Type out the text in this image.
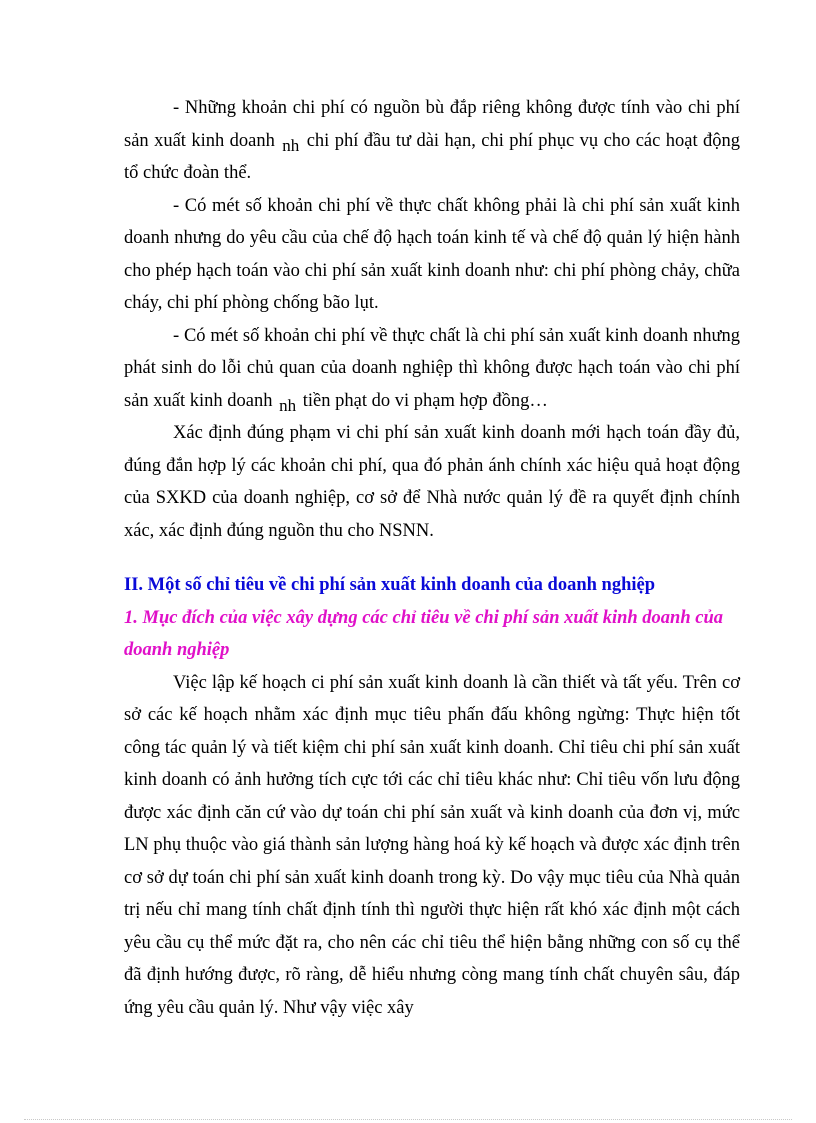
- Những khoản chi phí có nguồn bù đắp riêng không được tính vào chi phí sản xuất kinh doanh nh chi phí đầu tư dài hạn, chi phí phục vụ cho các hoạt động tổ chức đoàn thể.

- Có mét số khoản chi phí về thực chất không phải là chi phí sản xuất kinh doanh nhưng do yêu cầu của chế độ hạch toán kinh tế và chế độ quản lý hiện hành cho phép hạch toán vào chi phí sản xuất kinh doanh như: chi phí phòng chảy, chữa cháy, chi phí phòng chống bão lụt.

- Có mét số khoản chi phí về thực chất là chi phí sản xuất kinh doanh nhưng phát sinh do lỗi chủ quan của doanh nghiệp thì không được hạch toán vào chi phí sản xuất kinh doanh nh tiền phạt do vi phạm hợp đồng…

Xác định đúng phạm vi chi phí sản xuất kinh doanh mới hạch toán đầy đủ, đúng đắn hợp lý các khoản chi phí, qua đó phản ánh chính xác hiệu quả hoạt động của SXKD của doanh nghiệp, cơ sở để Nhà nước quản lý đề ra quyết định chính xác, xác định đúng nguồn thu cho NSNN.

II. Một số chỉ tiêu về chi phí sản xuất kinh doanh của doanh nghiệp
1. Mục đích của việc xây dựng các chỉ tiêu về chi phí sản xuất kinh doanh của doanh nghiệp

Việc lập kế hoạch ci phí sản xuất kinh doanh là cần thiết và tất yếu. Trên cơ sở các kế hoạch nhằm xác định mục tiêu phấn đấu không ngừng: Thực hiện tốt công tác quản lý và tiết kiệm chi phí sản xuất kinh doanh. Chỉ tiêu chi phí sản xuất kinh doanh có ảnh hưởng tích cực tới các chỉ tiêu khác như: Chỉ tiêu vốn lưu động được xác định căn cứ vào dự toán chi phí sản xuất và kinh doanh của đơn vị, mức LN phụ thuộc vào giá thành sản lượng hàng hoá kỳ kế hoạch và được xác định trên cơ sở dự toán chi phí sản xuất kinh doanh trong kỳ. Do vậy mục tiêu của Nhà quản trị nếu chỉ mang tính chất định tính thì người thực hiện rất khó xác định một cách yêu cầu cụ thể mức đặt ra, cho nên các chỉ tiêu thể hiện bằng những con số cụ thể đã định hướng được, rõ ràng, dễ hiểu nhưng còng mang tính chất chuyên sâu, đáp ứng yêu cầu quản lý. Như vậy việc xây
